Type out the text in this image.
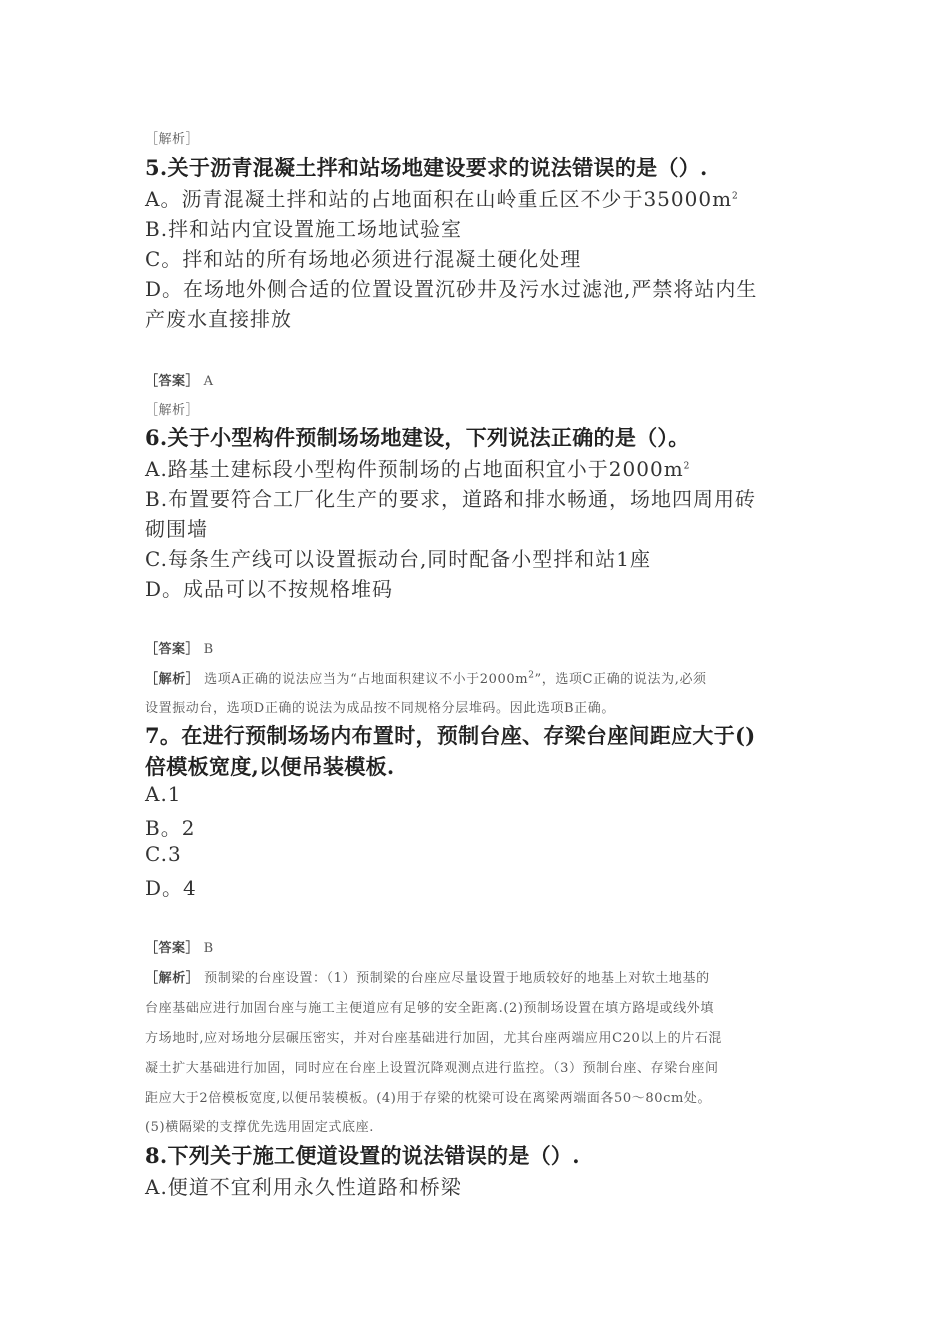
［解析］
5.关于沥青混凝土拌和站场地建设要求的说法错误的是（）.
A。沥青混凝土拌和站的占地面积在山岭重丘区不少于$35000m^2$
B.拌和站内宜设置施工场地试验室
C。拌和站的所有场地必须进行混凝土硬化处理
D。在场地外侧合适的位置设置沉砂井及污水过滤池,严禁将站内生
产废水直接排放
［答案］ A
［解析］
6.关于小型构件预制场场地建设，下列说法正确的是（）。
A.路基土建标段小型构件预制场的占地面积宜小于$2000m^2$
B.布置要符合工厂化生产的要求，道路和排水畅通，场地四周用砖
砌围墙
C.每条生产线可以设置振动台,同时配备小型拌和站1座
D。成品可以不按规格堆码
［答案］ B
［解析］ 选项A正确的说法应当为“占地面积建议不小于$2000m^2$”，选项C正确的说法为,必须
设置振动台，选项D正确的说法为成品按不同规格分层堆码。因此选项B正确。
7。在进行预制场场内布置时，预制台座、存梁台座间距应大于()
倍模板宽度,以便吊装模板.
A.1
B。2
C.3
D。4
［答案］ B
［解析］ 预制梁的台座设置：（1）预制梁的台座应尽量设置于地质较好的地基上对软土地基的
台座基础应进行加固台座与施工主便道应有足够的安全距离.(2)预制场设置在填方路堤或线外填
方场地时,应对场地分层碾压密实，并对台座基础进行加固，尤其台座两端应用C20以上的片石混
凝土扩大基础进行加固，同时应在台座上设置沉降观测点进行监控。（3）预制台座、存梁台座间
距应大于2倍模板宽度,以便吊装模板。(4)用于存梁的枕梁可设在离梁两端面各50～80cm处。
(5)横隔梁的支撑优先选用固定式底座.
8.下列关于施工便道设置的说法错误的是（）.
A.便道不宜利用永久性道路和桥梁
